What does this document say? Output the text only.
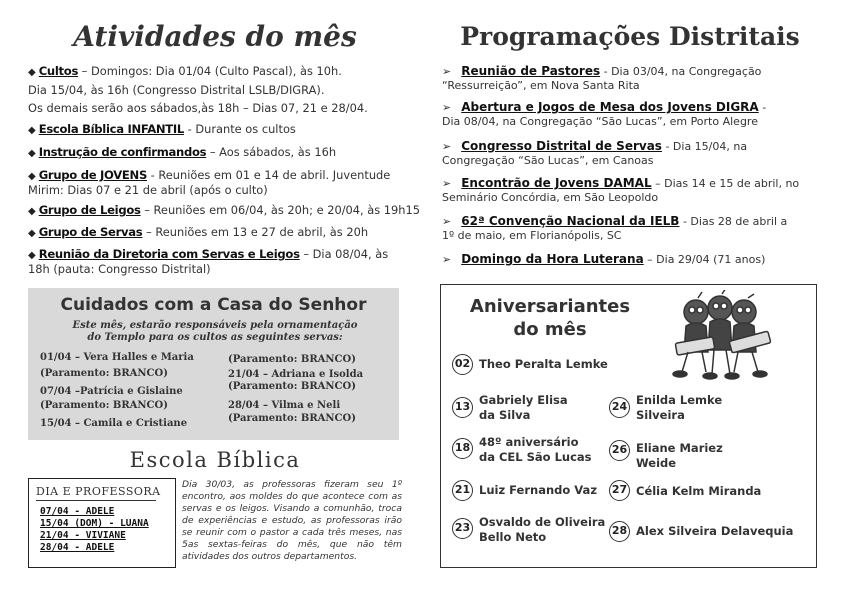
Atividades do mês	Programações Distritais
◆ Cultos – Domingos: Dia 01/04 (Culto Pascal), às 10h.
Dia 15/04, às 16h (Congresso Distrital LSLB/DIGRA).
Os demais serão aos sábados,às 18h – Dias 07, 21 e 28/04.
◆ Escola Bíblica INFANTIL - Durante os cultos
◆ Instrução de confirmandos – Aos sábados, às 16h
◆ Grupo de JOVENS - Reuniões em 01 e 14 de abril. Juventude
Mirim: Dias 07 e 21 de abril (após o culto)
◆ Grupo de Leigos – Reuniões em 06/04, às 20h; e 20/04, às 19h15
◆ Grupo de Servas – Reuniões em 13 e 27 de abril, às 20h
◆ Reunião da Diretoria com Servas e Leigos – Dia 08/04, às
18h (pauta: Congresso Distrital)
➢ Reunião de Pastores - Dia 03/04, na Congregação
“Ressurreição”, em Nova Santa Rita
➢ Abertura e Jogos de Mesa dos Jovens DIGRA -
Dia 08/04, na Congregação “São Lucas”, em Porto Alegre
➢ Congresso Distrital de Servas - Dia 15/04, na
Congregação “São Lucas”, em Canoas
➢ Encontrão de Jovens DAMAL – Dias 14 e 15 de abril, no
Seminário Concórdia, em São Leopoldo
➢ 62ª Convenção Nacional da IELB - Dias 28 de abril a
1º de maio, em Florianópolis, SC
➢ Domingo da Hora Luterana – Dia 29/04 (71 anos)
Cuidados com a Casa do Senhor
Este mês, estarão responsáveis pela ornamentação
do Templo para os cultos as seguintes servas:
01/04 – Vera Halles e Maria
(Paramento: BRANCO)
07/04 –Patrícia e Gislaine
(Paramento: BRANCO)
15/04 – Camila e Cristiane
(Paramento: BRANCO)
21/04 – Adriana e Isolda
(Paramento: BRANCO)
28/04 – Vilma e Neli
(Paramento: BRANCO)
Escola Bíblica
DIA E PROFESSORA
07/04 - ADELE
15/04 (DOM) - LUANA
21/04 - VIVIANE
28/04 - ADELE
Dia 30/03, as professoras fizeram seu 1º encontro, aos moldes do que acontece com as servas e os leigos. Visando a comunhão, troca de experiências e estudo, as professoras irão se reunir com o pastor a cada três meses, nas 5as sextas-feiras do mês, que não têm atividades dos outros departamentos.
Aniversariantes
do mês
02 Theo Peralta Lemke
13 Gabriely Elisa
da Silva
18 48º aniversário
da CEL São Lucas
21 Luiz Fernando Vaz
23 Osvaldo de Oliveira
Bello Neto
24 Enilda Lemke
Silveira
26 Eliane Mariez
Weide
27 Célia Kelm Miranda
28 Alex Silveira Delavequia
